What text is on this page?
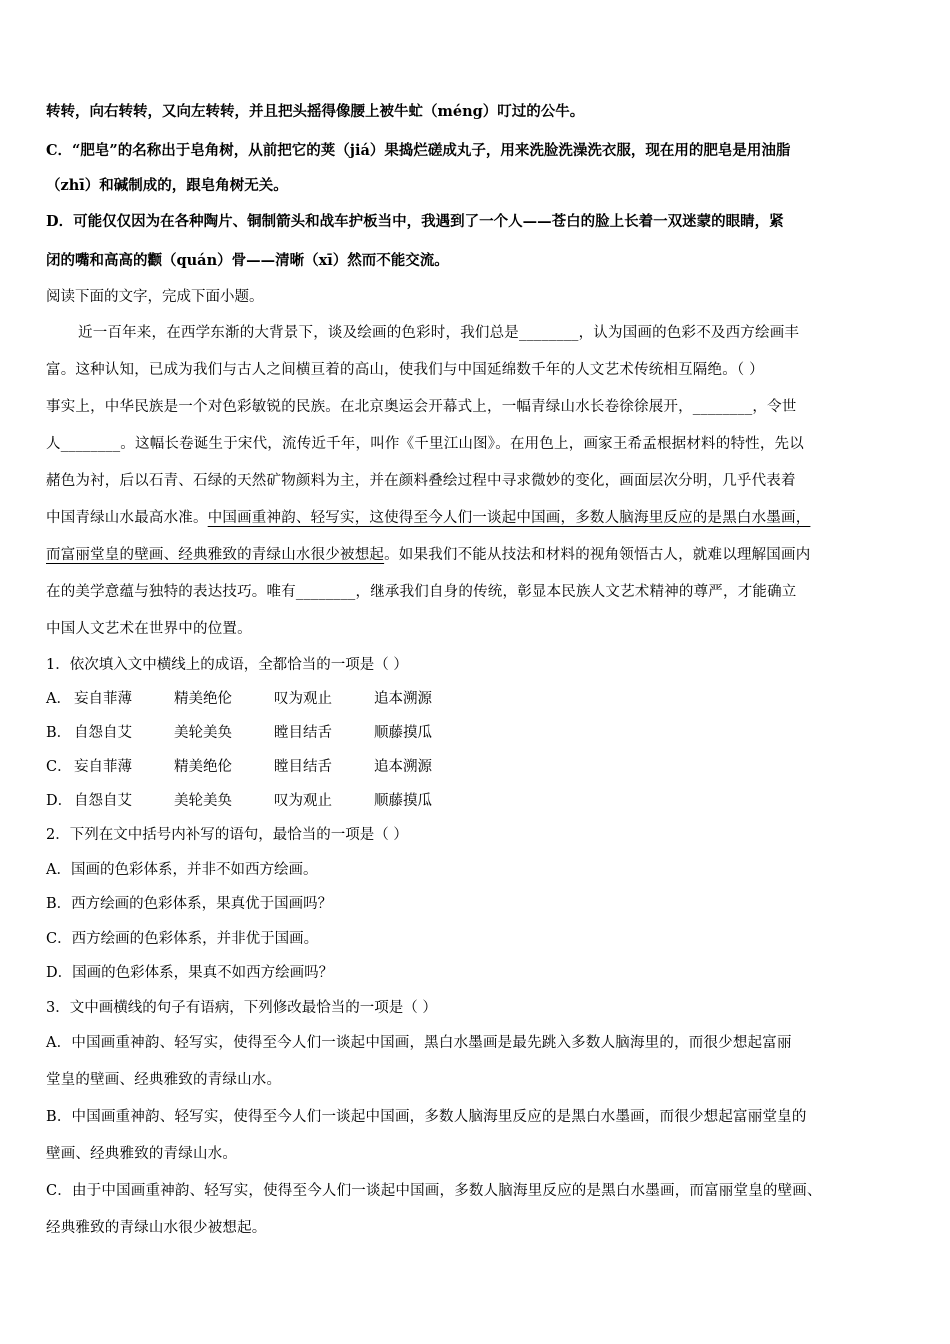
转转，向右转转，又向左转转，并且把头摇得像腰上被牛虻（méng）叮过的公牛。

C．“肥皂”的名称出于皂角树，从前把它的荚（jiá）果捣烂磋成丸子，用来洗脸洗澡洗衣服，现在用的肥皂是用油脂

（zhī）和碱制成的，跟皂角树无关。

D．可能仅仅因为在各种陶片、铜制箭头和战车护板当中，我遇到了一个人——苍白的脸上长着一双迷蒙的眼睛，紧

闭的嘴和高高的颧（quán）骨——清晰（xī）然而不能交流。

阅读下面的文字，完成下面小题。

近一百年来，在西学东渐的大背景下，谈及绘画的色彩时，我们总是________，认为国画的色彩不及西方绘画丰

富。这种认知，已成为我们与古人之间横亘着的高山，使我们与中国延绵数千年的人文艺术传统相互隔绝。（ ）

事实上，中华民族是一个对色彩敏锐的民族。在北京奥运会开幕式上，一幅青绿山水长卷徐徐展开，________，令世

人________。这幅长卷诞生于宋代，流传近千年，叫作《千里江山图》。在用色上，画家王希孟根据材料的特性，先以

赭色为衬，后以石青、石绿的天然矿物颜料为主，并在颜料叠绘过程中寻求微妙的变化，画面层次分明，几乎代表着

中国青绿山水最高水准。中国画重神韵、轻写实，这使得至今人们一谈起中国画，多数人脑海里反应的是黑白水墨画，

而富丽堂皇的壁画、经典雅致的青绿山水很少被想起。如果我们不能从技法和材料的视角领悟古人，就难以理解国画内

在的美学意蕴与独特的表达技巧。唯有________，继承我们自身的传统，彰显本民族人文艺术精神的尊严，才能确立

中国人文艺术在世界中的位置。

1．依次填入文中横线上的成语，全都恰当的一项是（ ）

A． 妄自菲薄	精美绝伦	叹为观止	追本溯源
B． 自怨自艾	美轮美奂	瞠目结舌	顺藤摸瓜
C． 妄自菲薄	精美绝伦	瞠目结舌	追本溯源
D． 自怨自艾	美轮美奂	叹为观止	顺藤摸瓜

2．下列在文中括号内补写的语句，最恰当的一项是（ ）

A．国画的色彩体系，并非不如西方绘画。

B．西方绘画的色彩体系，果真优于国画吗？

C．西方绘画的色彩体系，并非优于国画。

D．国画的色彩体系，果真不如西方绘画吗？

3．文中画横线的句子有语病，下列修改最恰当的一项是（ ）

A．中国画重神韵、轻写实，使得至今人们一谈起中国画，黑白水墨画是最先跳入多数人脑海里的，而很少想起富丽

堂皇的壁画、经典雅致的青绿山水。

B．中国画重神韵、轻写实，使得至今人们一谈起中国画，多数人脑海里反应的是黑白水墨画，而很少想起富丽堂皇的

壁画、经典雅致的青绿山水。

C．由于中国画重神韵、轻写实，使得至今人们一谈起中国画，多数人脑海里反应的是黑白水墨画，而富丽堂皇的壁画、

经典雅致的青绿山水很少被想起。
